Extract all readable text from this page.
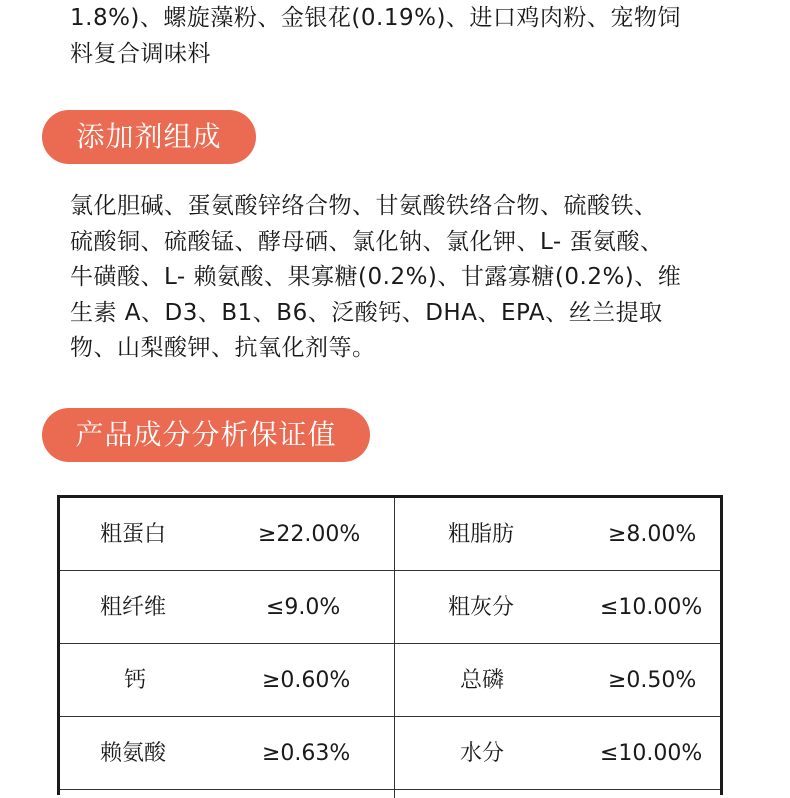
1.8%)、螺旋藻粉、金银花(0.19%)、进口鸡肉粉、宠物饲
料复合调味料
添加剂组成
氯化胆碱、蛋氨酸锌络合物、甘氨酸铁络合物、硫酸铁、
硫酸铜、硫酸锰、酵母硒、氯化钠、氯化钾、L- 蛋氨酸、
牛磺酸、L- 赖氨酸、果寡糖(0.2%)、甘露寡糖(0.2%)、维
生素 A、D3、B1、B6、泛酸钙、DHA、EPA、丝兰提取
物、山梨酸钾、抗氧化剂等。
产品成分分析保证值
粗蛋白	≥22.00%	粗脂肪	≥8.00%
粗纤维	≤9.0%	粗灰分	≤10.00%
钙	≥0.60%	总磷	≥0.50%
赖氨酸	≥0.63%	水分	≤10.00%
